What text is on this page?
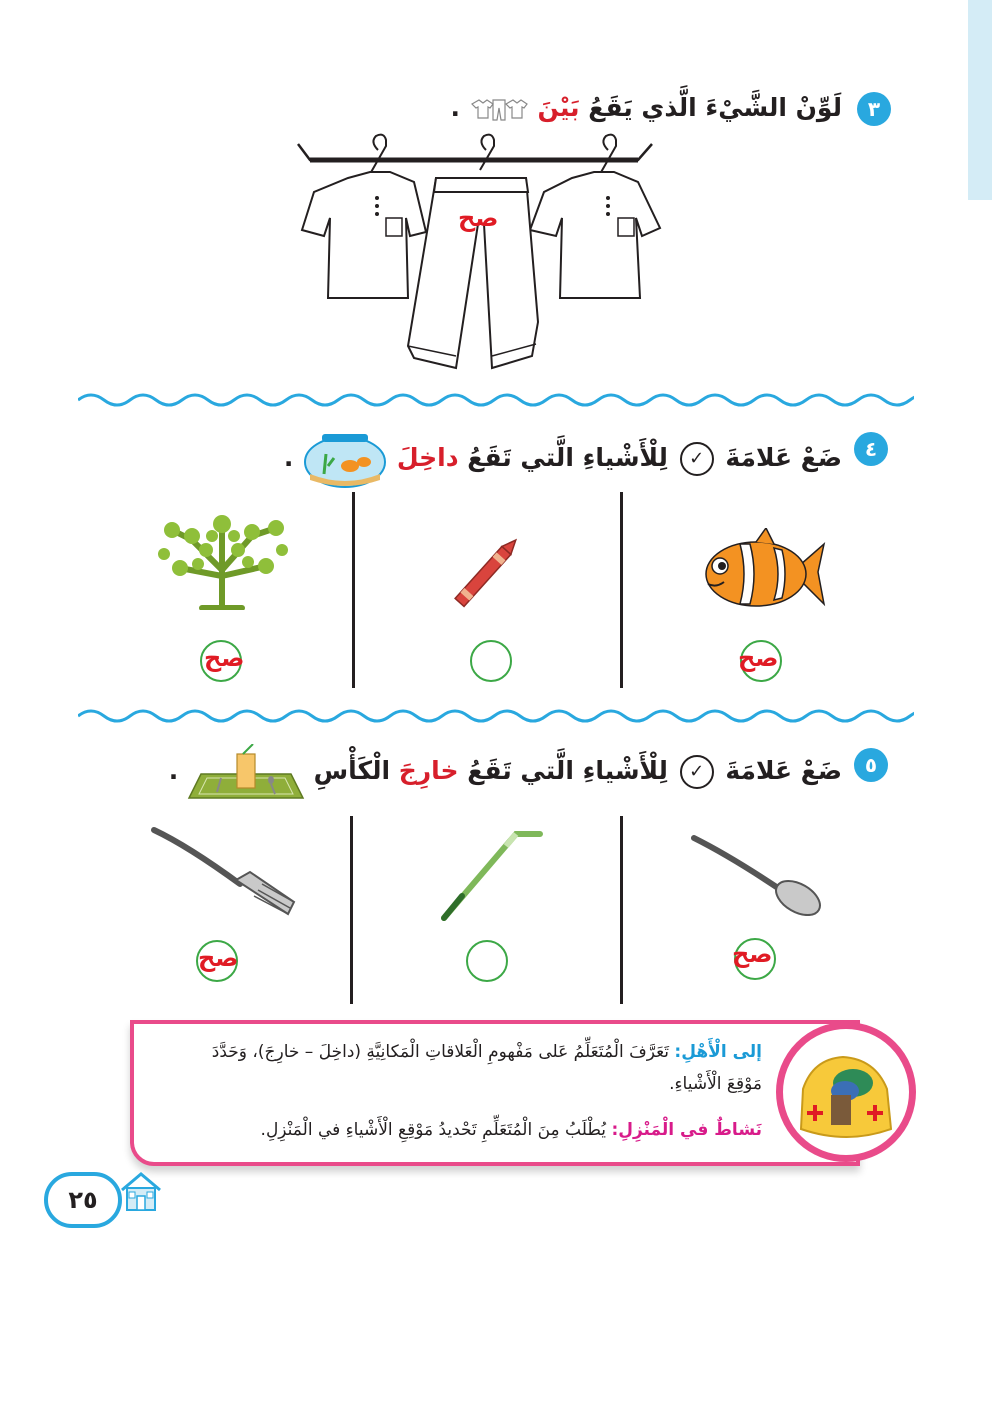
٣
لَوِّنْ الشَّيْءَ الَّذي يَقَعُ بَيْنَ  .
صح
٤
ضَعْ عَلامَةَ ✓ لِلْأَشْياءِ الَّتي تَقَعُ داخِلَ  .
صح
صح
٥
ضَعْ عَلامَةَ ✓ لِلْأَشْياءِ الَّتي تَقَعُ خارِجَ الْكَأْسِ  .
صح
صح
إلى الْأَهْلِ: تَعَرَّفَ الْمُتَعَلِّمُ عَلى مَفْهومِ الْعَلاقاتِ الْمَكانِيَّةِ (داخِلَ – خارِجَ)، وَحَدَّدَ
مَوْقِعَ الْأَشْياءِ.
نَشاطٌ في الْمَنْزِلِ: يُطْلَبُ مِنَ الْمُتَعَلِّمِ تَحْديدُ مَوْقِعِ الْأَشْياءِ في الْمَنْزِلِ.
٢٥
